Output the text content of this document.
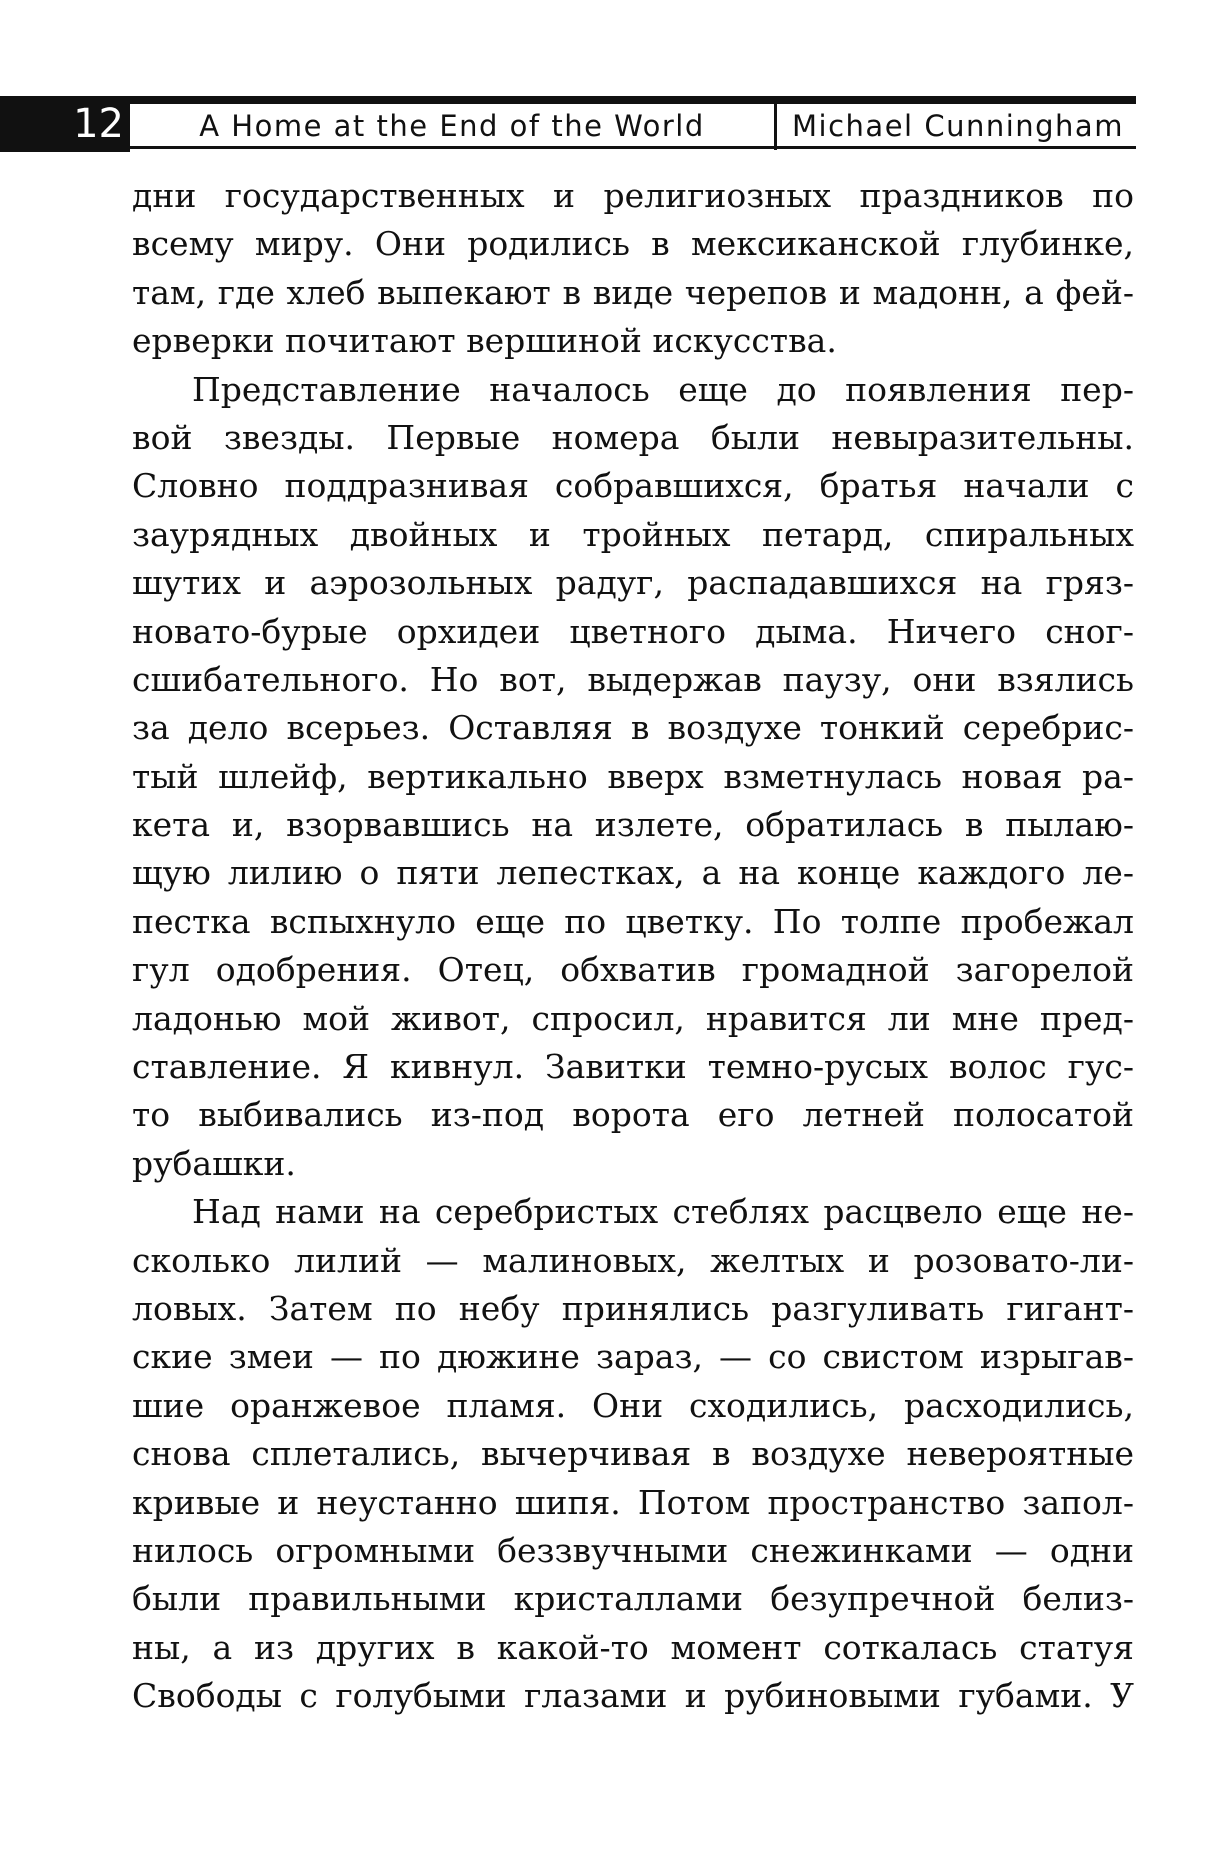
12	A Home at the End of the World	Michael Cunningham
дни государственных и религиозных праздников по
всему миру. Они родились в мексиканской глубинке,
там, где хлеб выпекают в виде черепов и мадонн, а фей-
ерверки почитают вершиной искусства.
Представление началось еще до появления пер-
вой звезды. Первые номера были невыразительны.
Словно поддразнивая собравшихся, братья начали с
заурядных двойных и тройных петард, спиральных
шутих и аэрозольных радуг, распадавшихся на гряз-
новато-бурые орхидеи цветного дыма. Ничего сног-
сшибательного. Но вот, выдержав паузу, они взялись
за дело всерьез. Оставляя в воздухе тонкий серебрис-
тый шлейф, вертикально вверх взметнулась новая ра-
кета и, взорвавшись на излете, обратилась в пылаю-
щую лилию о пяти лепестках, а на конце каждого ле-
пестка вспыхнуло еще по цветку. По толпе пробежал
гул одобрения. Отец, обхватив громадной загорелой
ладонью мой живот, спросил, нравится ли мне пред-
ставление. Я кивнул. Завитки темно-русых волос гус-
то выбивались из-под ворота его летней полосатой
рубашки.
Над нами на серебристых стеблях расцвело еще не-
сколько лилий — малиновых, желтых и розовато-ли-
ловых. Затем по небу принялись разгуливать гигант-
ские змеи — по дюжине зараз, — со свистом изрыгав-
шие оранжевое пламя. Они сходились, расходились,
снова сплетались, вычерчивая в воздухе невероятные
кривые и неустанно шипя. Потом пространство запол-
нилось огромными беззвучными снежинками — одни
были правильными кристаллами безупречной белиз-
ны, а из других в какой-то момент соткалась статуя
Свободы с голубыми глазами и рубиновыми губами. У
